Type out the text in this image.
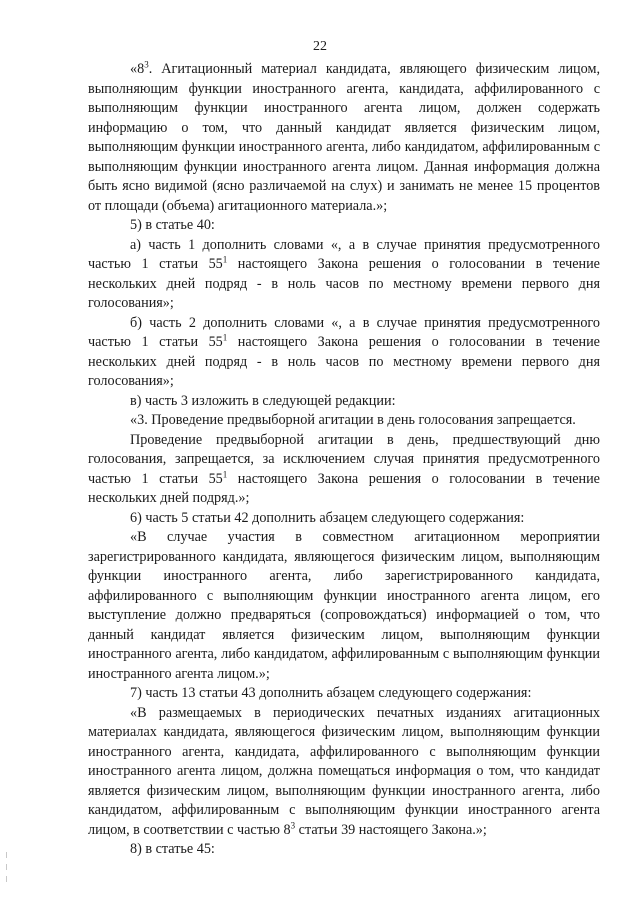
22

«$8^3$. Агитационный материал кандидата, являющего физическим лицом, выполняющим функции иностранного агента, кандидата, аффилированного с выполняющим функции иностранного агента лицом, должен содержать информацию о том, что данный кандидат является физическим лицом, выполняющим функции иностранного агента, либо кандидатом, аффилированным с выполняющим функции иностранного агента лицом. Данная информация должна быть ясно видимой (ясно различаемой на слух) и занимать не менее 15 процентов от площади (объема) агитационного материала.»;

5) в статье 40:

а) часть 1 дополнить словами «, а в случае принятия предусмотренного частью 1 статьи $55^1$ настоящего Закона решения о голосовании в течение нескольких дней подряд - в ноль часов по местному времени первого дня голосования»;

б) часть 2 дополнить словами «, а в случае принятия предусмотренного частью 1 статьи $55^1$ настоящего Закона решения о голосовании в течение нескольких дней подряд - в ноль часов по местному времени первого дня голосования»;

в) часть 3 изложить в следующей редакции:

«3. Проведение предвыборной агитации в день голосования запрещается.

Проведение предвыборной агитации в день, предшествующий дню голосования, запрещается, за исключением случая принятия предусмотренного частью 1 статьи $55^1$ настоящего Закона решения о голосовании в течение нескольких дней подряд.»;

6) часть 5 статьи 42 дополнить абзацем следующего содержания:

«В случае участия в совместном агитационном мероприятии зарегистрированного кандидата, являющегося физическим лицом, выполняющим функции иностранного агента, либо зарегистрированного кандидата, аффилированного с выполняющим функции иностранного агента лицом, его выступление должно предваряться (сопровождаться) информацией о том, что данный кандидат является физическим лицом, выполняющим функции иностранного агента, либо кандидатом, аффилированным с выполняющим функции иностранного агента лицом.»;

7) часть 13 статьи 43 дополнить абзацем следующего содержания:

«В размещаемых в периодических печатных изданиях агитационных материалах кандидата, являющегося физическим лицом, выполняющим функции иностранного агента, кандидата, аффилированного с выполняющим функции иностранного агента лицом, должна помещаться информация о том, что кандидат является физическим лицом, выполняющим функции иностранного агента, либо кандидатом, аффилированным с выполняющим функции иностранного агента лицом, в соответствии с частью $8^3$ статьи 39 настоящего Закона.»;

8) в статье 45:
